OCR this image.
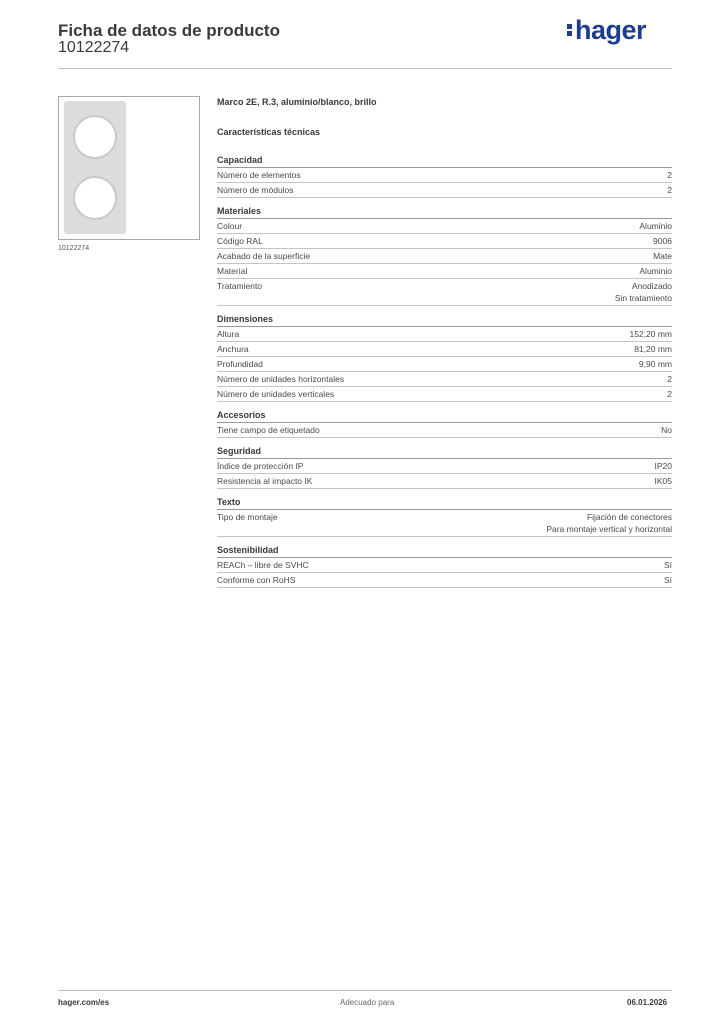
Ficha de datos de producto
10122274
hager
10122274
Marco 2E, R.3, aluminio/blanco, brillo
Características técnicas
Capacidad
Número de elementos	2
Número de módulos	2
Materiales
Colour	Aluminio
Código RAL	9006
Acabado de la superficie	Mate
Material	Aluminio
Tratamiento	Anodizado
Sin tratamiento
Dimensiones
Altura	152,20 mm
Anchura	81,20 mm
Profundidad	9,90 mm
Número de unidades horizontales	2
Número de unidades verticales	2
Accesorios
Tiene campo de etiquetado	No
Seguridad
Índice de protección IP	IP20
Resistencia al impacto IK	IK05
Texto
Tipo de montaje	Fijación de conectores
Para montaje vertical y horizontal
Sostenibilidad
REACh – libre de SVHC	Sí
Conforme con RoHS	Sí
hager.com/es	Adecuado para	06.01.2026
